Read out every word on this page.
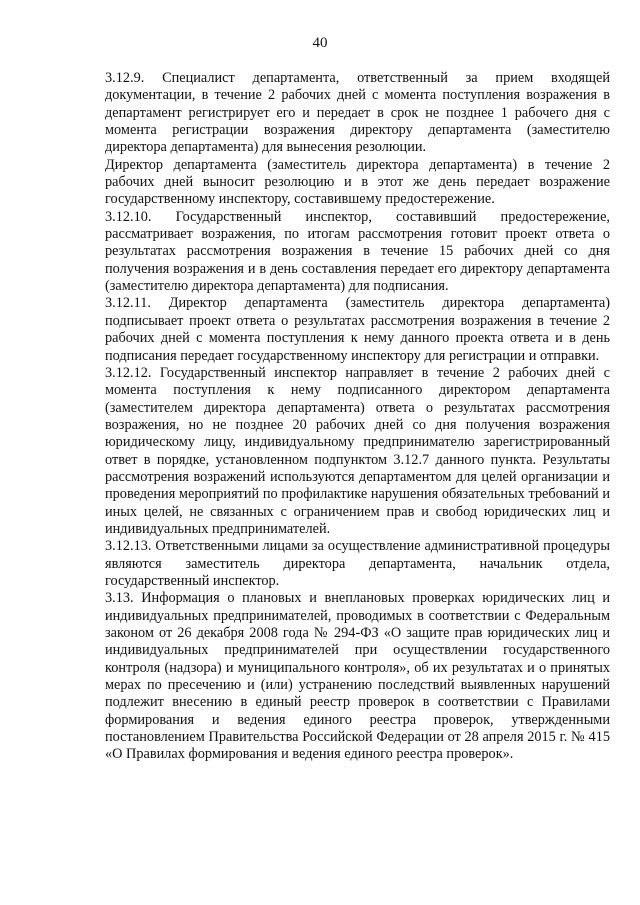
40

3.12.9. Специалист департамента, ответственный за прием входящей документации, в течение 2 рабочих дней с момента поступления возражения в департамент регистрирует его и передает в срок не позднее 1 рабочего дня с момента регистрации возражения директору департамента (заместителю директора департамента) для вынесения резолюции.

Директор департамента (заместитель директора департамента) в течение 2 рабочих дней выносит резолюцию и в этот же день передает возражение государственному инспектору, составившему предостережение.

3.12.10. Государственный инспектор, составивший предостережение, рассматривает возражения, по итогам рассмотрения готовит проект ответа о результатах рассмотрения возражения в течение 15 рабочих дней со дня получения возражения и в день составления передает его директору департамента (заместителю директора департамента) для подписания.

3.12.11. Директор департамента (заместитель директора департамента) подписывает проект ответа о результатах рассмотрения возражения в течение 2 рабочих дней с момента поступления к нему данного проекта ответа и в день подписания передает государственному инспектору для регистрации и отправки.

3.12.12. Государственный инспектор направляет в течение 2 рабочих дней с момента поступления к нему подписанного директором департамента (заместителем директора департамента) ответа о результатах рассмотрения возражения, но не позднее 20 рабочих дней со дня получения возражения юридическому лицу, индивидуальному предпринимателю зарегистрированный ответ в порядке, установленном подпунктом 3.12.7 данного пункта. Результаты рассмотрения возражений используются департаментом для целей организации и проведения мероприятий по профилактике нарушения обязательных требований и иных целей, не связанных с ограничением прав и свобод юридических лиц и индивидуальных предпринимателей.

3.12.13. Ответственными лицами за осуществление административной процедуры являются заместитель директора департамента, начальник отдела, государственный инспектор.

3.13. Информация о плановых и внеплановых проверках юридических лиц и индивидуальных предпринимателей, проводимых в соответствии с Федеральным законом от 26 декабря 2008 года № 294-ФЗ «О защите прав юридических лиц и индивидуальных предпринимателей при осуществлении государственного контроля (надзора) и муниципального контроля», об их результатах и о принятых мерах по пресечению и (или) устранению последствий выявленных нарушений подлежит внесению в единый реестр проверок в соответствии с Правилами формирования и ведения единого реестра проверок, утвержденными постановлением Правительства Российской Федерации от 28 апреля 2015 г. № 415 «О Правилах формирования и ведения единого реестра проверок».
